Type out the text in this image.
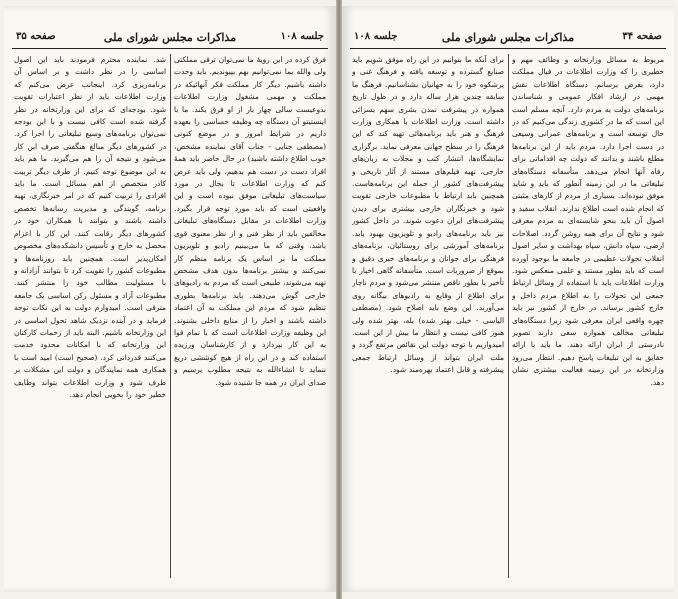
صفحه ۳۵	مذاکرات مجلس شورای ملی	جلسه ۱۰۸

فرق کرده در این رویهٔ ما نمی‌توان ترقی مملکتی ولی والله بما نمی‌توانیم بهم بپیوندیم. باید وحدت داشته باشیم. دیگر کار مملکت فکر آنهائیکه در مملکت و مهمی مشغول وزارت اطلاعات بذوعیست سالی چهار بار از او فرق بکند. ما با اینستیتو آن دستگاه چه وظیفه حساسی را بعهده داریم در شرایط امروز و در موضع کنونی (مصطفی جنابی - جناب آقای نماینده مشخص، خوب اطلاع داشته باشید) در حال حاضر باید همهٔ افراد دست در دست هم بدهیم، ولی باید عرض کنم که وزارت اطلاعات تا بحال در مورد سیاست‌های تبلیغاتی موفق نبوده است و این واقعیتی است که باید مورد توجه قرار بگیرد. وزارت اطلاعات در مقابل دستگاه‌های تبلیغاتی مخالفین باید از نظر فنی و از نظر معنوی قوی باشد. وقتی که ما می‌بینیم رادیو و تلویزیون مملکت ما بر اساس یک برنامه منظم کار نمی‌کنند و بیشتر برنامه‌ها بدون هدف مشخص تهیه می‌شوند، طبیعی است که مردم به رادیوهای خارجی گوش می‌دهند. باید برنامه‌ها بطوری تنظیم شود که مردم این مملکت به آن اعتماد داشته باشند و اخبار را از منابع داخلی بشنوند. این وظیفه وزارت اطلاعات است که با تمام قوا به این کار بپردازد و از کارشناسان ورزیده استفاده کند و در این راه از هیچ کوششی دریغ ننماید تا انشاءالله به نتیجه مطلوب برسیم و صدای ایران در همه جا شنیده شود.

شد. نماینده محترم فرمودند باید این اصول اساسی را در نظر داشت و بر اساس آن برنامه‌ریزی کرد. اینجانب عرض می‌کنم که وزارت اطلاعات باید از نظر اعتبارات تقویت شود. بودجه‌ای که برای این وزارتخانه در نظر گرفته شده است کافی نیست و با این بودجه نمی‌توان برنامه‌های وسیع تبلیغاتی را اجرا کرد. در کشورهای دیگر مبالغ هنگفتی صرف این کار می‌شود و نتیجه آن را هم می‌گیرند. ما هم باید به این موضوع توجه کنیم. از طرف دیگر تربیت کادر متخصص از اهم مسائل است. ما باید افرادی را تربیت کنیم که در امر خبرنگاری، تهیه برنامه، گویندگی و مدیریت رسانه‌ها تخصص داشته باشند و بتوانند با همکاران خود در کشورهای دیگر رقابت کنند. این کار با اعزام محصل به خارج و تأسیس دانشکده‌های مخصوص امکان‌پذیر است. همچنین باید روزنامه‌ها و مطبوعات کشور را تقویت کرد تا بتوانند آزادانه و با مسئولیت مطالب خود را منتشر کنند. مطبوعات آزاد و مسئول رکن اساسی یک جامعه مترقی است. امیدوارم دولت به این نکات توجه فرماید و در آینده نزدیک شاهد تحول اساسی در این وزارتخانه باشیم. البته باید از زحمات کارکنان این وزارتخانه که با امکانات محدود خدمت می‌کنند قدردانی کرد. (صحیح است) امید است با همکاری همه نمایندگان و دولت این مشکلات بر طرف شود و وزارت اطلاعات بتواند وظایف خطیر خود را بخوبی انجام دهد.

جلسه ۱۰۸	مذاکرات مجلس شورای ملی	صفحه ۳۴

مربوط به مسائل وزارتخانه و وظائف مهم و خطیری را که وزارت اطلاعات در قبال مملکت دارد، بعرض برسانم. دستگاه اطلاعات نقش مهمی در ارشاد افکار عمومی و شناساندن برنامه‌های دولت به مردم دارد. آنچه مسلم است این است که ما در کشوری زندگی می‌کنیم که در حال توسعه است و برنامه‌های عمرانی وسیعی در دست اجرا دارد. مردم باید از این برنامه‌ها مطلع باشند و بدانند که دولت چه اقداماتی برای رفاه آنها انجام می‌دهد. متأسفانه دستگاه‌های تبلیغاتی ما در این زمینه آنطور که باید و شاید موفق نبوده‌اند. بسیاری از مردم از کارهای مثبتی که انجام شده است اطلاع ندارند. انقلاب سفید و اصول آن باید بنحو شایسته‌ای به مردم معرفی شود و نتایج آن برای همه روشن گردد. اصلاحات ارضی، سپاه دانش، سپاه بهداشت و سایر اصول انقلاب تحولات عظیمی در جامعه ما بوجود آورده است که باید بطور مستند و علمی منعکس شود. وزارت اطلاعات باید با استفاده از وسائل ارتباط جمعی این تحولات را به اطلاع مردم داخل و خارج کشور برساند. در خارج از کشور نیز باید چهره واقعی ایران معرفی شود زیرا دستگاه‌های تبلیغاتی مخالف همواره سعی دارند تصویر نادرستی از ایران ارائه دهند. ما باید با ارائه حقایق به این تبلیغات پاسخ دهیم. انتظار می‌رود وزارتخانه در این زمینه فعالیت بیشتری نشان دهد.

برای آنکه ما بتوانیم در این راه موفق شویم باید صنایع گسترده و توسعه یافته و فرهنگ غنی و پرشکوه خود را به جهانیان بشناسانیم. فرهنگ ما سابقه چندین هزار ساله دارد و در طول تاریخ همواره در پیشرفت تمدن بشری سهم بسزائی داشته است. وزارت اطلاعات با همکاری وزارت فرهنگ و هنر باید برنامه‌هائی تهیه کند که این فرهنگ را در سطح جهانی معرفی نماید. برگزاری نمایشگاه‌ها، انتشار کتب و مجلات به زبان‌های خارجی، تهیه فیلم‌های مستند از آثار تاریخی و پیشرفت‌های کشور از جمله این برنامه‌هاست. همچنین باید ارتباط با مطبوعات خارجی تقویت شود و خبرنگاران خارجی بیشتری برای دیدن پیشرفت‌های ایران دعوت شوند. در داخل کشور نیز باید برنامه‌های رادیو و تلویزیون بهبود یابد. برنامه‌های آموزشی برای روستائیان، برنامه‌های فرهنگی برای جوانان و برنامه‌های خبری دقیق و بموقع از ضروریات است. متأسفانه گاهی اخبار با تأخیر یا بطور ناقص منتشر می‌شود و مردم ناچار برای اطلاع از وقایع به رادیوهای بیگانه روی می‌آورند. این وضع باید اصلاح شود. (مصطفی الیاسی - خیلی بهتر شده) بله، بهتر شده ولی هنوز کافی نیست و انتظار ما بیش از این است. امیدواریم با توجه دولت این نقائص مرتفع گردد و ملت ایران بتواند از وسائل ارتباط جمعی پیشرفته و قابل اعتماد بهره‌مند شود.
